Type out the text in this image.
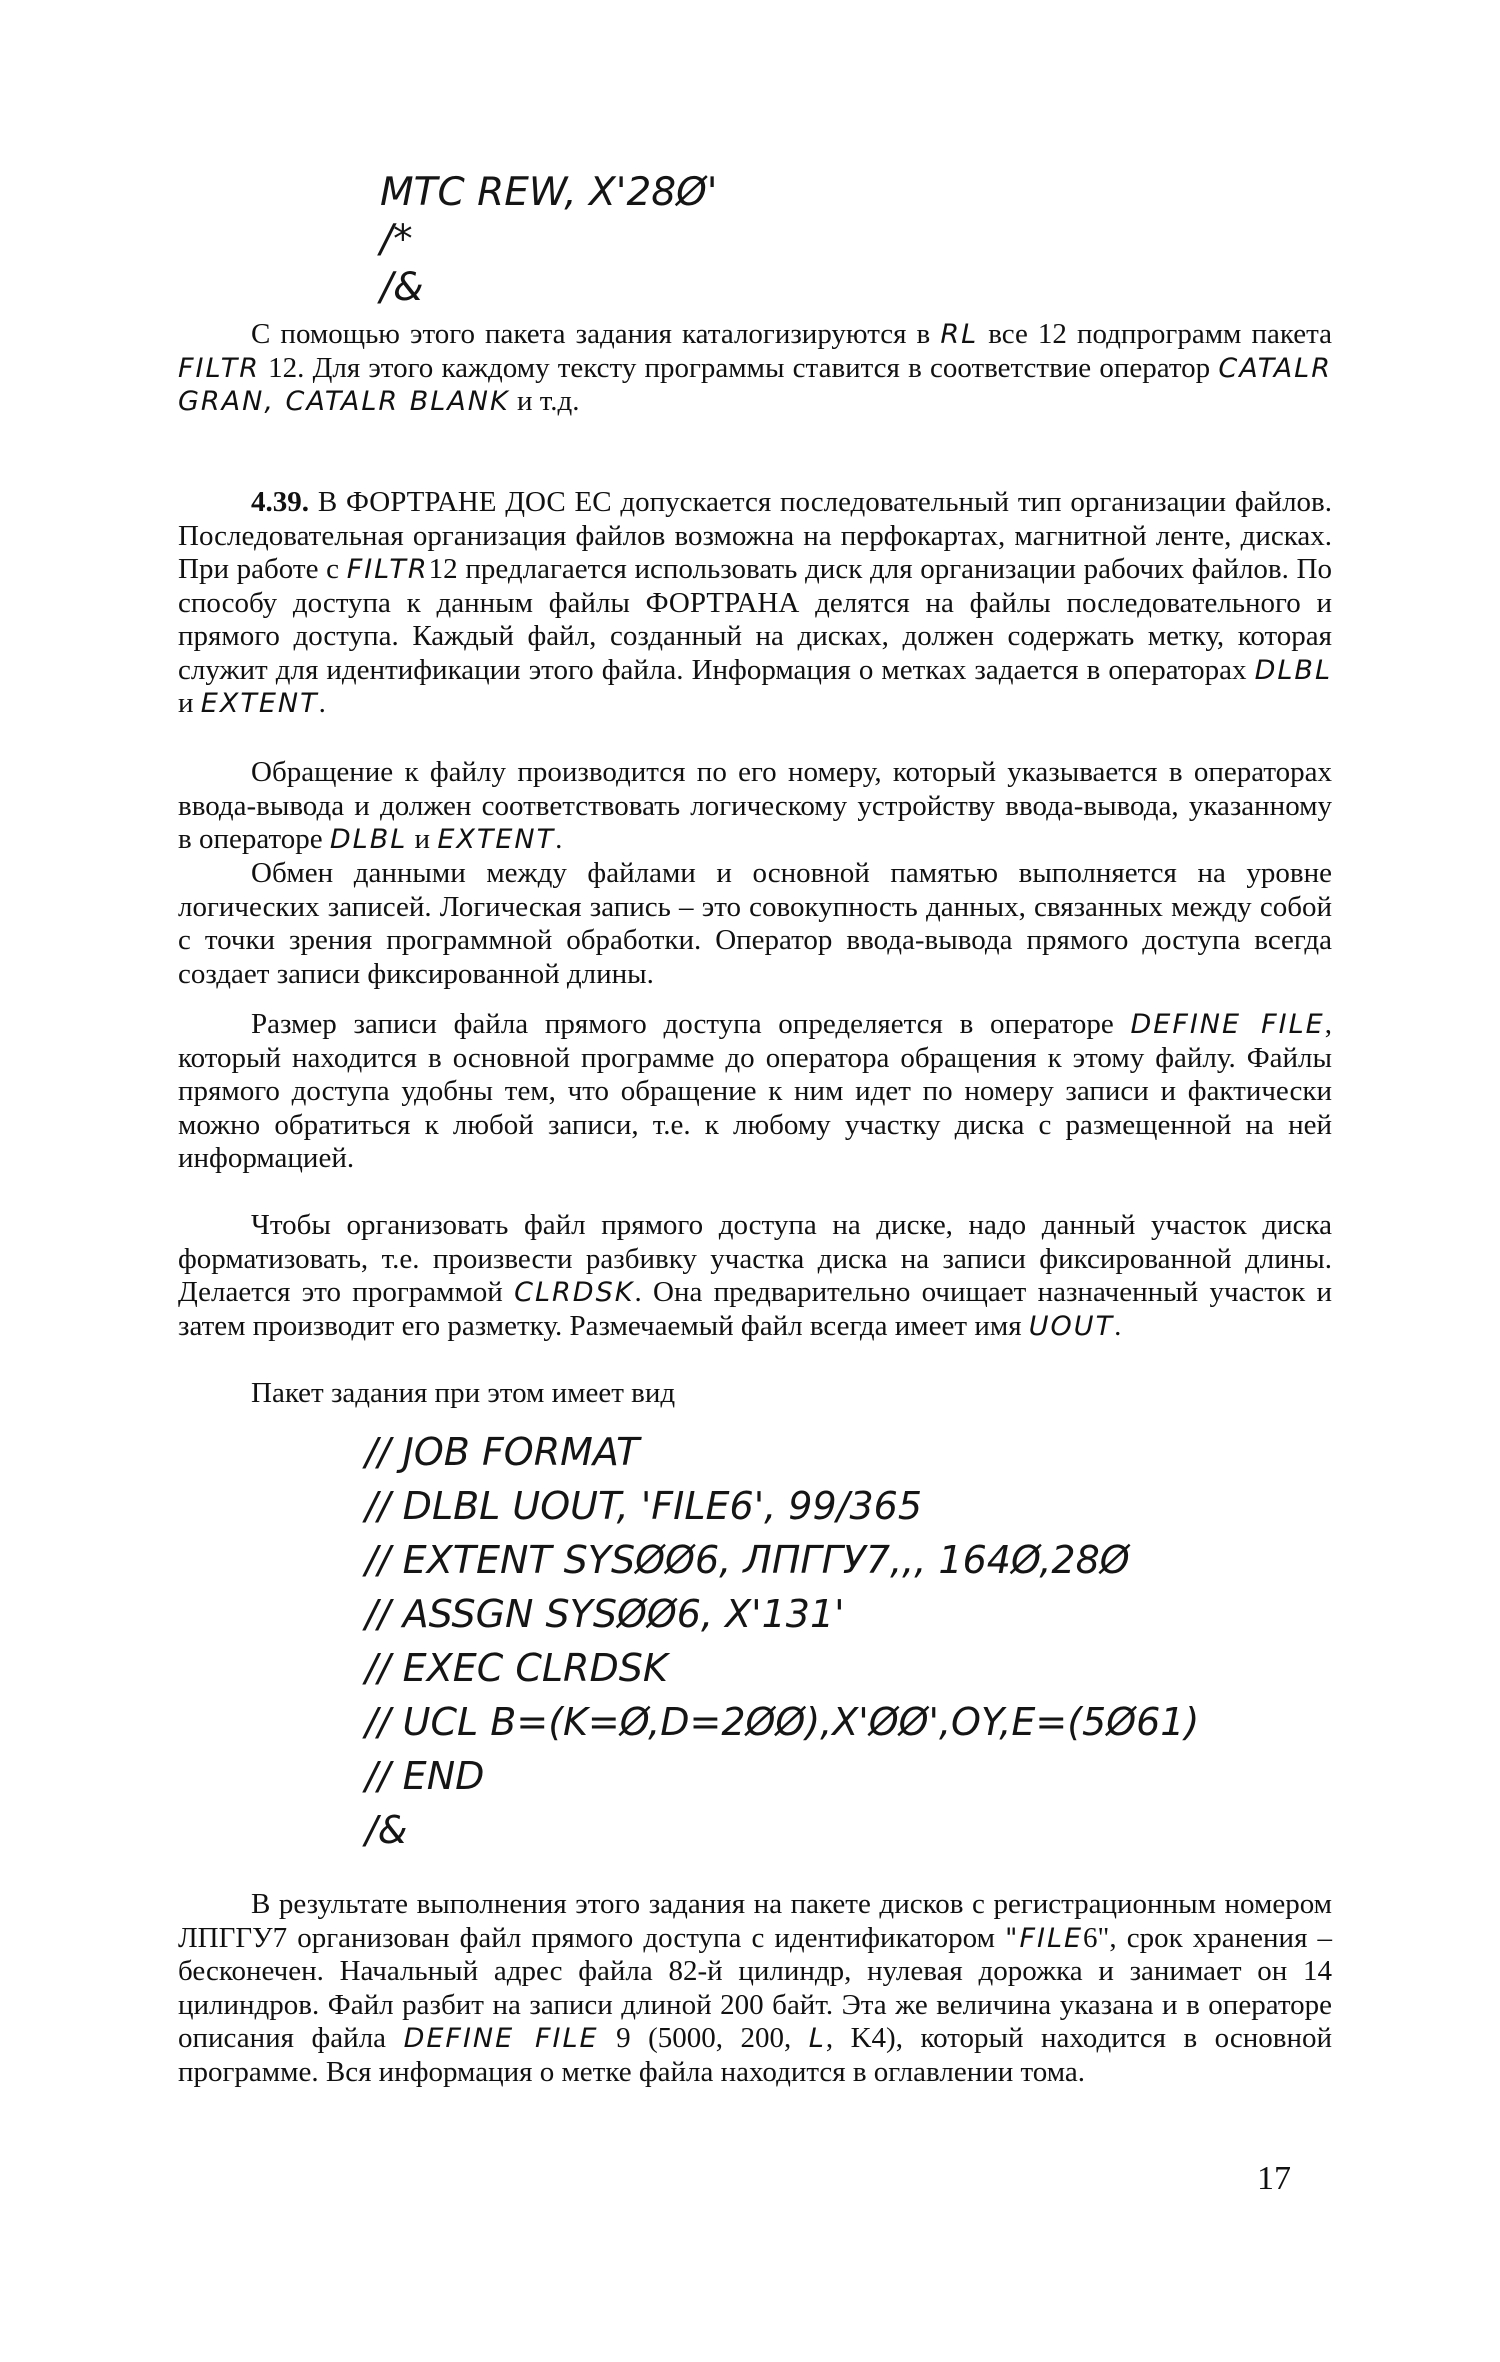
MTC REW, X'28Ø'
/*
/&

С помощью этого пакета задания каталогизируются в RL все 12 подпрограмм пакета FILTR 12. Для этого каждому тексту программы ставится в соответствие оператор CATALR GRAN, CATALR BLANK и т.д.

4.39. В ФОРТРАНЕ ДОС ЕС допускается последовательный тип организации файлов. Последовательная организация файлов возможна на перфокартах, магнитной ленте, дисках. При работе с FILTR12 предлагается использовать диск для организации рабочих файлов. По способу доступа к данным файлы ФОРТРАНА делятся на файлы последовательного и прямого доступа. Каждый файл, созданный на дисках, должен содержать метку, которая служит для идентификации этого файла. Информация о метках задается в операторах DLBL и EXTENT.

Обращение к файлу производится по его номеру, который указывается в операторах ввода-вывода и должен соответствовать логическому устройству ввода-вывода, указанному в операторе DLBL и EXTENT.

Обмен данными между файлами и основной памятью выполняется на уровне логических записей. Логическая запись – это совокупность данных, связанных между собой с точки зрения программной обработки. Оператор ввода-вывода прямого доступа всегда создает записи фиксированной длины.

Размер записи файла прямого доступа определяется в операторе DEFINE FILE, который находится в основной программе до оператора обращения к этому файлу. Файлы прямого доступа удобны тем, что обращение к ним идет по номеру записи и фактически можно обратиться к любой записи, т.е. к любому участку диска с размещенной на ней информацией.

Чтобы организовать файл прямого доступа на диске, надо данный участок диска форматизовать, т.е. произвести разбивку участка диска на записи фиксированной длины. Делается это программой CLRDSK. Она предварительно очищает назначенный участок и затем производит его разметку. Размечаемый файл всегда имеет имя UOUT.

Пакет задания при этом имеет вид

// JOB FORMAT
// DLBL UOUT, 'FILE6', 99/365
// EXTENT SYSØØ6, ЛПГГУ7,,, 164Ø,28Ø
// ASSGN SYSØØ6, X'131'
// EXEC CLRDSK
// UCL B=(K=Ø,D=2ØØ),X'ØØ',OY,E=(5Ø61)
// END
/&

В результате выполнения этого задания на пакете дисков с регистрационным номером ЛПГГУ7 организован файл прямого доступа с идентификатором "FILE6", срок хранения – бесконечен. Начальный адрес файла 82-й цилиндр, нулевая дорожка и занимает он 14 цилиндров. Файл разбит на записи длиной 200 байт. Эта же величина указана и в операторе описания файла DEFINE FILE 9 (5000, 200, L, K4), который находится в основной программе. Вся информация о метке файла находится в оглавлении тома.

17
